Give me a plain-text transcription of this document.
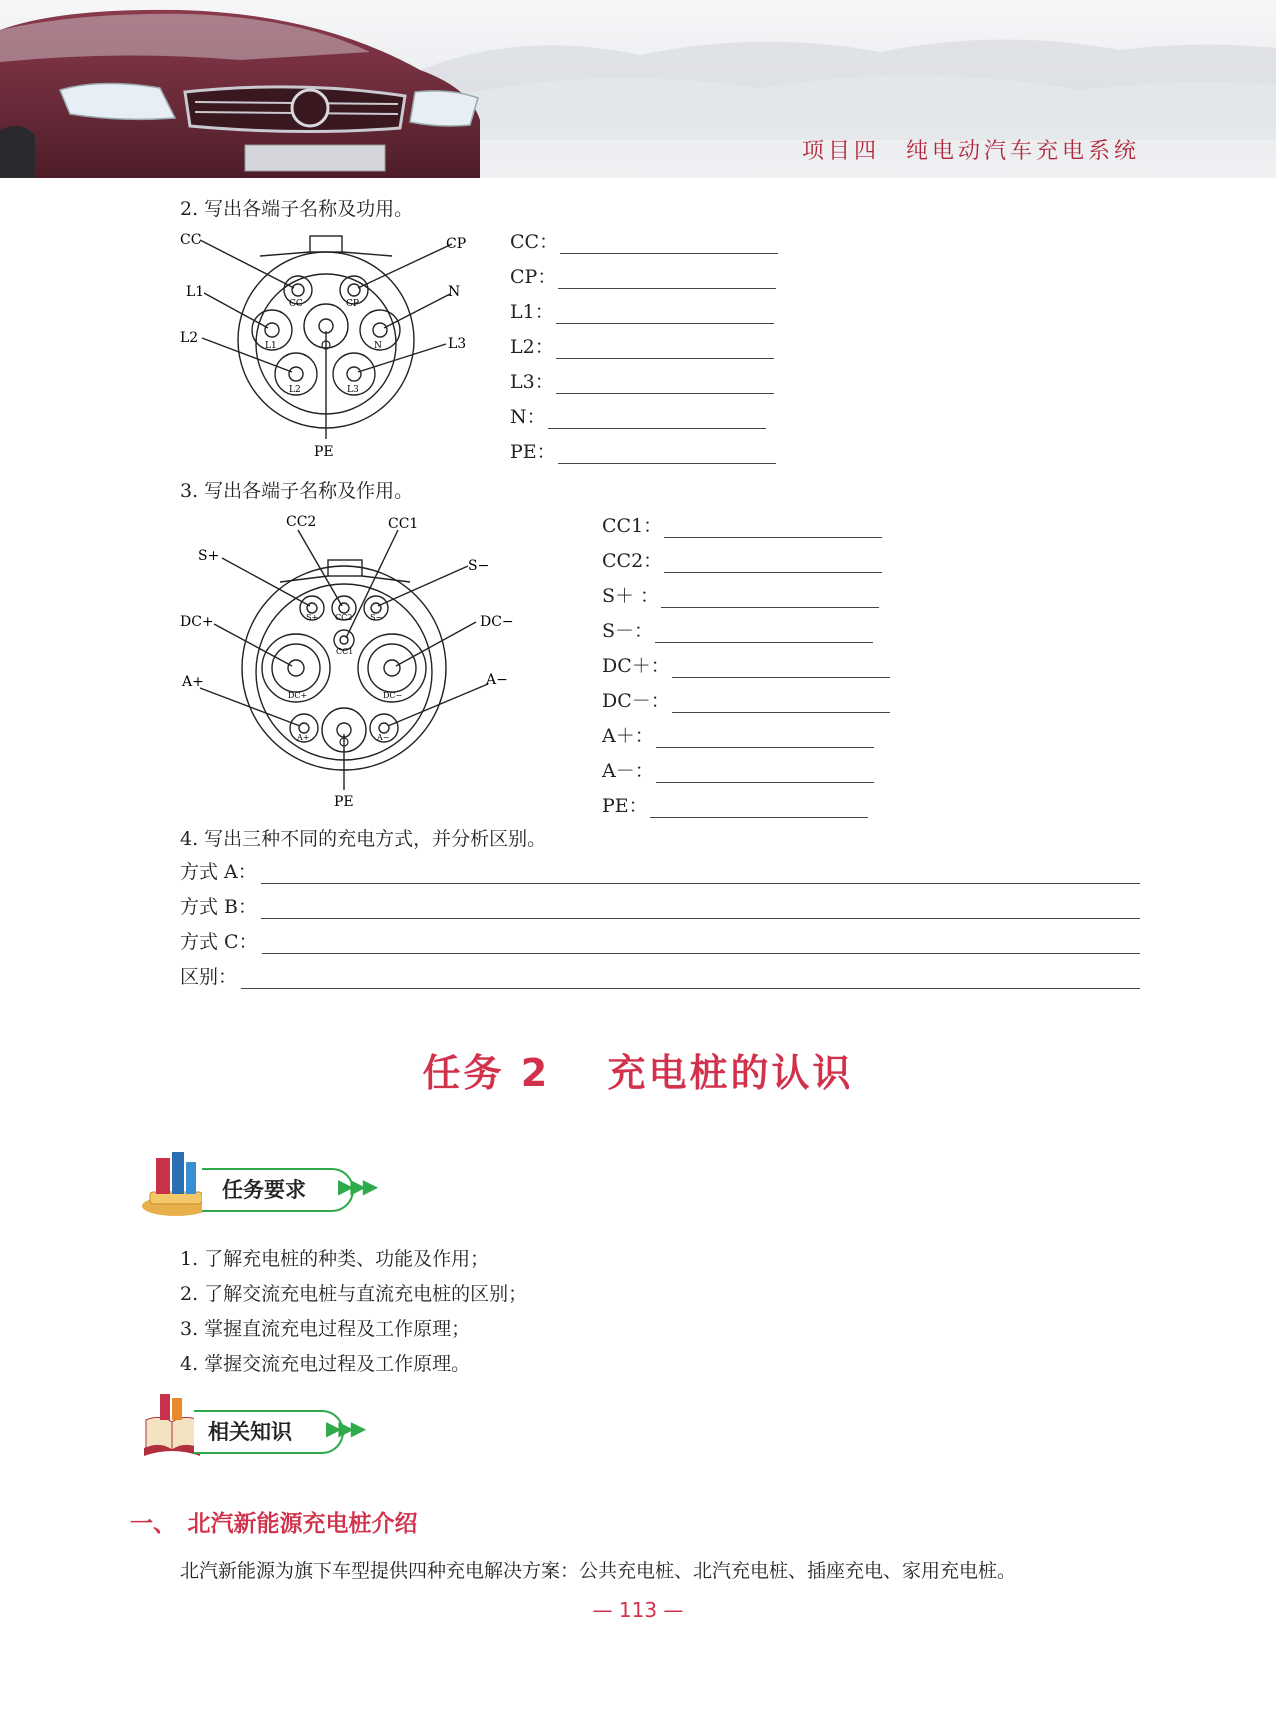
项目四　纯电动汽车充电系统
2. 写出各端子名称及功用。
CC	CP
L1	N
L2	L3
PE
CC	CP
L1	N
L2	L3
CC：
CP：
L1：
L2：
L3：
N：
PE：
3. 写出各端子名称及作用。
CC2	CC1
S+
S−
DC+	DC−
A+	A−
PE
S+ CC2 S−
CC1
DC+	DC−
A+	A−
CC1：
CC2：
S＋ ：
S－：
DC＋：
DC－：
A＋：
A－：
PE：
4. 写出三种不同的充电方式，并分析区别。
方式 A：
方式 B：
方式 C：
区别：
任务 2　 充电桩的认识
任务要求 ▶▶▶
1. 了解充电桩的种类、功能及作用；
2. 了解交流充电桩与直流充电桩的区别；
3. 掌握直流充电过程及工作原理；
4. 掌握交流充电过程及工作原理。
相关知识 ▶▶▶
一、　北汽新能源充电桩介绍
北汽新能源为旗下车型提供四种充电解决方案：公共充电桩、北汽充电桩、插座充电、家用充电桩。
— 113 —
